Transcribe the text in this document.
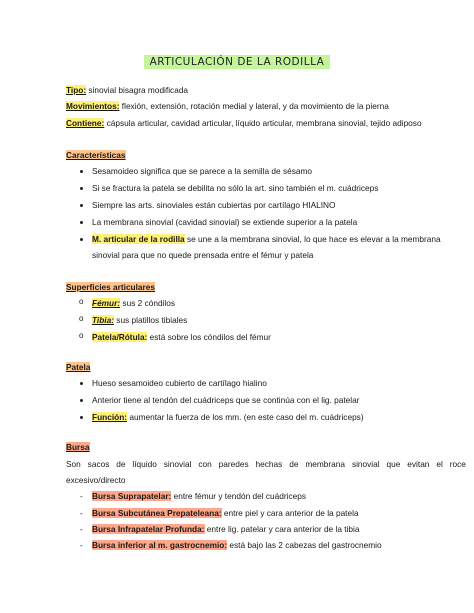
ARTICULACIÓN DE LA RODILLA
Tipo: sinovial bisagra modificada
Movimientos: flexión, extensión, rotación medial y lateral, y da movimiento de la pierna
Contiene: cápsula articular, cavidad articular, líquido articular, membrana sinovial, tejido adiposo
Características
Sesamoideo significa que se parece a la semilla de sésamo
Si se fractura la patela se debilita no sólo la art. sino también el m. cuádriceps
Siempre las arts. sinoviales están cubiertas por cartílago HIALINO
La membrana sinovial (cavidad sinovial) se extiende superior a la patela
M. articular de la rodilla se une a la membrana sinovial, lo que hace es elevar a la membrana
sinovial para que no quede prensada entre el fémur y patela
Superficies articulares
o Fémur: sus 2 cóndilos
o Tibia: sus platillos tibiales
o Patela/Rótula: está sobre los cóndilos del fémur
Patela
Hueso sesamoideo cubierto de cartílago hialino
Anterior tiene al tendón del cuádriceps que se continúa con el lig. patelar
Función: aumentar la fuerza de los mm. (en este caso del m. cuádriceps)
Bursa
Son   sacos   de   líquido   sinovial   con   paredes   hechas   de   membrana   sinovial   que   evitan   el   roce
excesivo/directo
- Bursa Suprapatelar: entre fémur y tendón del cuádriceps
- Bursa Subcutánea Prepateleana: entre piel y cara anterior de la patela
- Bursa Infrapatelar Profunda: entre lig. patelar y cara anterior de la tibia
- Bursa inferior al m. gastrocnemio: está bajo las 2 cabezas del gastrocnemio
